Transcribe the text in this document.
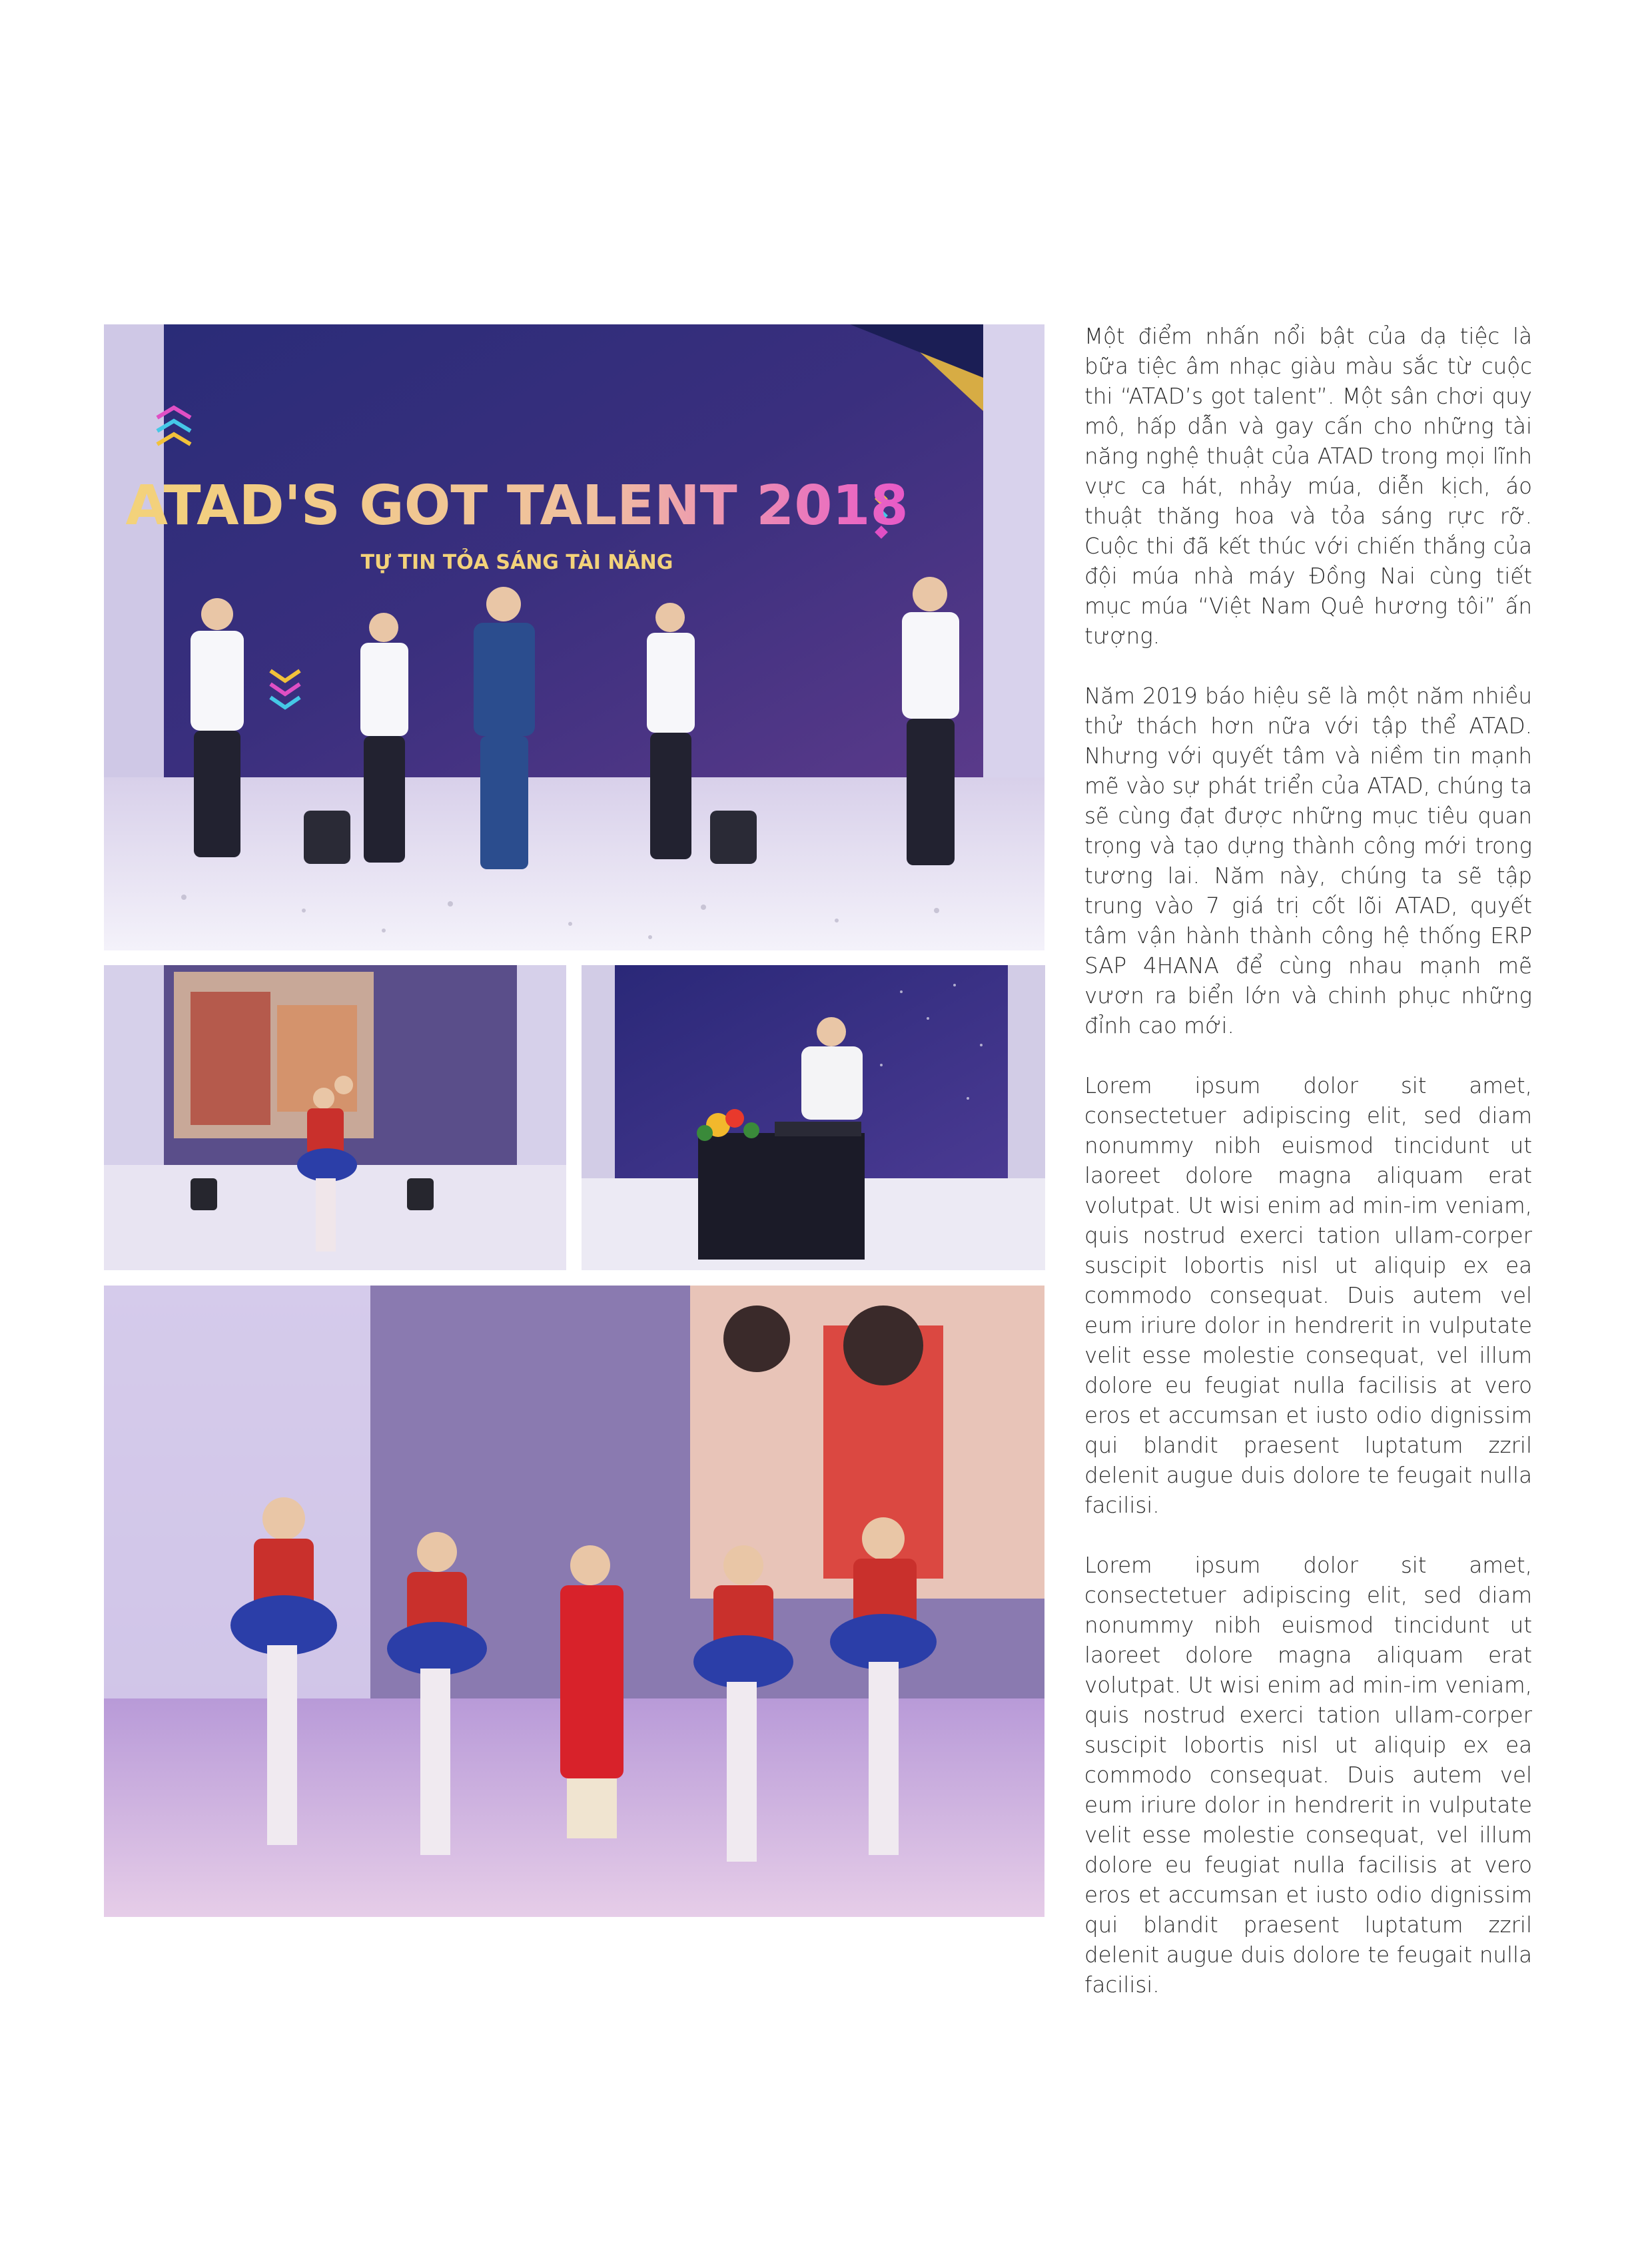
ATAD'S GOT TALENT 2018
TỰ TIN TỎA SÁNG TÀI NĂNG

Một điểm nhấn nổi bật của dạ tiệc là bữa tiệc âm nhạc giàu màu sắc từ cuộc thi “ATAD’s got talent”. Một sân chơi quy mô, hấp dẫn và gay cấn cho những tài năng nghệ thuật của ATAD trong mọi lĩnh vực ca hát, nhảy múa, diễn kịch, áo thuật thăng hoa và tỏa sáng rực rỡ. Cuộc thi đã kết thúc với chiến thắng của đội múa nhà máy Đồng Nai cùng tiết mục múa “Việt Nam Quê hương tôi” ấn tượng.

Năm 2019 báo hiệu sẽ là một năm nhiều thử thách hơn nữa với tập thể ATAD. Nhưng với quyết tâm và niềm tin mạnh mẽ vào sự phát triển của ATAD, chúng ta sẽ cùng đạt được những mục tiêu quan trọng và tạo dựng thành công mới trong tương lai. Năm này, chúng ta sẽ tập trung vào 7 giá trị cốt lõi ATAD, quyết tâm vận hành thành công hệ thống ERP SAP 4HANA để cùng nhau mạnh mẽ vươn ra biển lớn và chinh phục những đỉnh cao mới.

Lorem ipsum dolor sit amet, consectetuer adipiscing elit, sed diam nonummy nibh euismod tincidunt ut laoreet dolore magna aliquam erat volutpat. Ut wisi enim ad min-im veniam, quis nostrud exerci tation ullam-corper suscipit lobortis nisl ut aliquip ex ea commodo consequat. Duis autem vel eum iriure dolor in hendrerit in vulputate velit esse molestie consequat, vel illum dolore eu feugiat nulla facilisis at vero eros et accumsan et iusto odio dignissim qui blandit praesent luptatum zzril delenit augue duis dolore te feugait nulla facilisi.

Lorem ipsum dolor sit amet, consectetuer adipiscing elit, sed diam nonummy nibh euismod tincidunt ut laoreet dolore magna aliquam erat volutpat. Ut wisi enim ad min-im veniam, quis nostrud exerci tation ullam-corper suscipit lobortis nisl ut aliquip ex ea commodo consequat. Duis autem vel eum iriure dolor in hendrerit in vulputate velit esse molestie consequat, vel illum dolore eu feugiat nulla facilisis at vero eros et accumsan et iusto odio dignissim qui blandit praesent luptatum zzril delenit augue duis dolore te feugait nulla facilisi.
